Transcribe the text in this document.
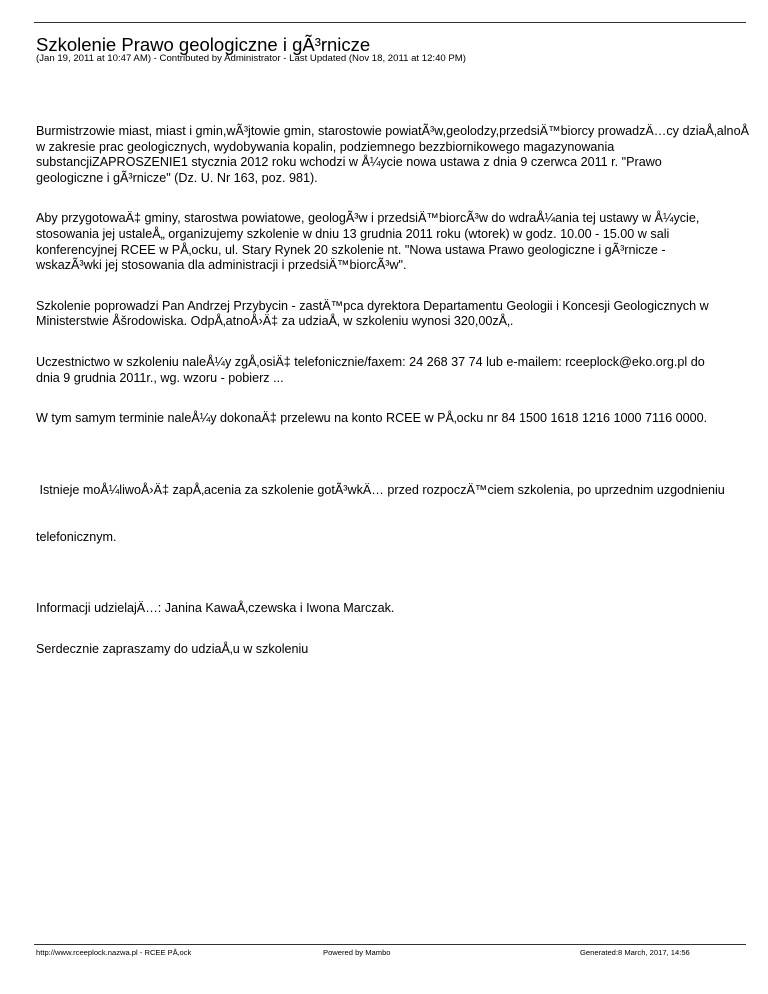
Szkolenie Prawo geologiczne i gÃ³rnicze
(Jan 19, 2011 at 10:47 AM) - Contributed by Administrator - Last Updated (Nov 18, 2011 at 12:40 PM)
Burmistrzowie miast, miast i gmin,wÃ³jtowie gmin, starostowie powiatÃ³w,geolodzy,przedsiÄ™biorcy prowadzÄ…cy dziaÅ‚alnoÅ
w zakresie prac geologicznych, wydobywania kopalin, podziemnego bezzbiornikowego magazynowania
substancjiZAPROSZENIE1 stycznia 2012 roku wchodzi w Å¼ycie nowa ustawa z dnia 9 czerwca 2011 r. "Prawo
geologiczne i gÃ³rnicze" (Dz. U. Nr 163, poz. 981).
Aby przygotowaÄ‡ gminy, starostwa powiatowe, geologÃ³w i przedsiÄ™biorcÃ³w do wdraÅ¼ania tej ustawy w Å¼ycie,
stosowania jej ustaleÅ„ organizujemy szkolenie w dniu 13 grudnia 2011 roku (wtorek) w godz. 10.00 - 15.00 w sali
konferencyjnej RCEE w PÅ‚ocku, ul. Stary Rynek 20 szkolenie nt. "Nowa ustawa Prawo geologiczne i gÃ³rnicze -
wskazÃ³wki jej stosowania dla administracji i przedsiÄ™biorcÃ³w".
Szkolenie poprowadzi Pan Andrzej Przybycin - zastÄ™pca dyrektora Departamentu Geologii i Koncesji Geologicznych w
Ministerstwie Åšrodowiska. OdpÅ‚atnoÅ›Ä‡ za udziaÅ‚ w szkoleniu wynosi 320,00zÅ‚.
Uczestnictwo w szkoleniu naleÅ¼y zgÅ‚osiÄ‡ telefonicznie/faxem: 24 268 37 74 lub e-mailem: rceeplock@eko.org.pl do
dnia 9 grudnia 2011r., wg. wzoru - pobierz ...
W tym samym terminie naleÅ¼y dokonaÄ‡ przelewu na konto RCEE w PÅ‚ocku nr 84 1500 1618 1216 1000 7116 0000.

Istnieje moÅ¼liwoÅ›Ä‡ zapÅ‚acenia za szkolenie gotÃ³wkÄ… przed rozpoczÄ™ciem szkolenia, po uprzednim uzgodnieniu

telefonicznym.

Informacji udzielajÄ…: Janina KawaÅ‚czewska i Iwona Marczak.
Serdecznie zapraszamy do udziaÅ‚u w szkoleniu
http://www.rceeplock.nazwa.pl - RCEE PÅ‚ock	Powered by Mambo	Generated:8 March, 2017, 14:56
